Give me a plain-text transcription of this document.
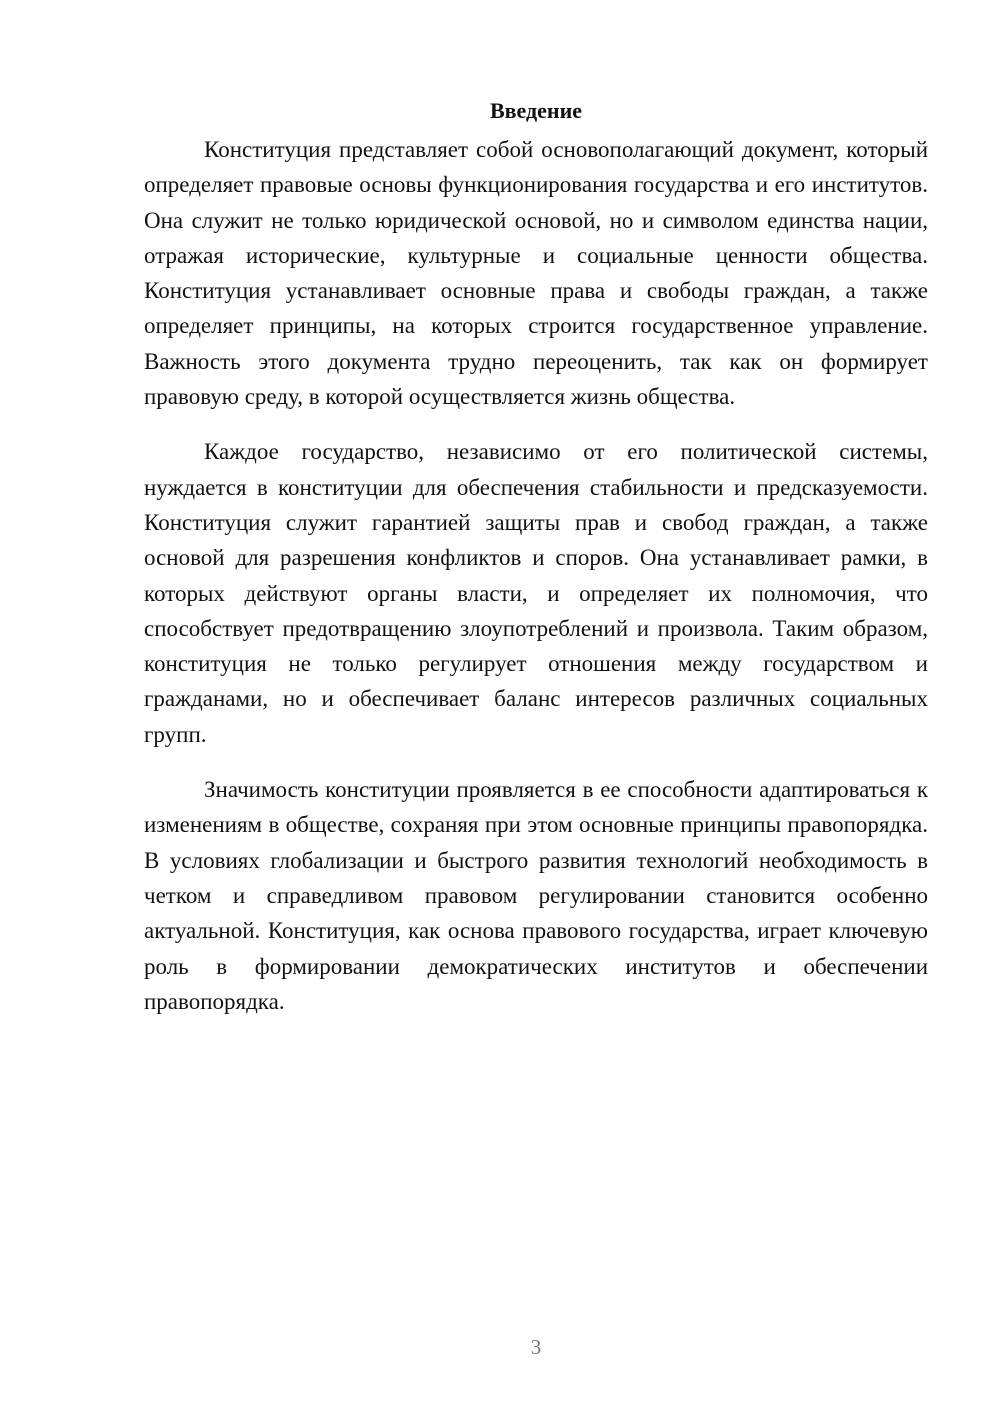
Введение

Конституция представляет собой основополагающий документ, который определяет правовые основы функционирования государства и его институтов. Она служит не только юридической основой, но и символом единства нации, отражая исторические, культурные и социальные ценности общества. Конституция устанавливает основные права и свободы граждан, а также определяет принципы, на которых строится государственное управление. Важность этого документа трудно переоценить, так как он формирует правовую среду, в которой осуществляется жизнь общества.

Каждое государство, независимо от его политической системы, нуждается в конституции для обеспечения стабильности и предсказуемости. Конституция служит гарантией защиты прав и свобод граждан, а также основой для разрешения конфликтов и споров. Она устанавливает рамки, в которых действуют органы власти, и определяет их полномочия, что способствует предотвращению злоупотреблений и произвола. Таким образом, конституция не только регулирует отношения между государством и гражданами, но и обеспечивает баланс интересов различных социальных групп.

Значимость конституции проявляется в ее способности адаптироваться к изменениям в обществе, сохраняя при этом основные принципы правопорядка. В условиях глобализации и быстрого развития технологий необходимость в четком и справедливом правовом регулировании становится особенно актуальной. Конституция, как основа правового государства, играет ключевую роль в формировании демократических институтов и обеспечении правопорядка.

3
